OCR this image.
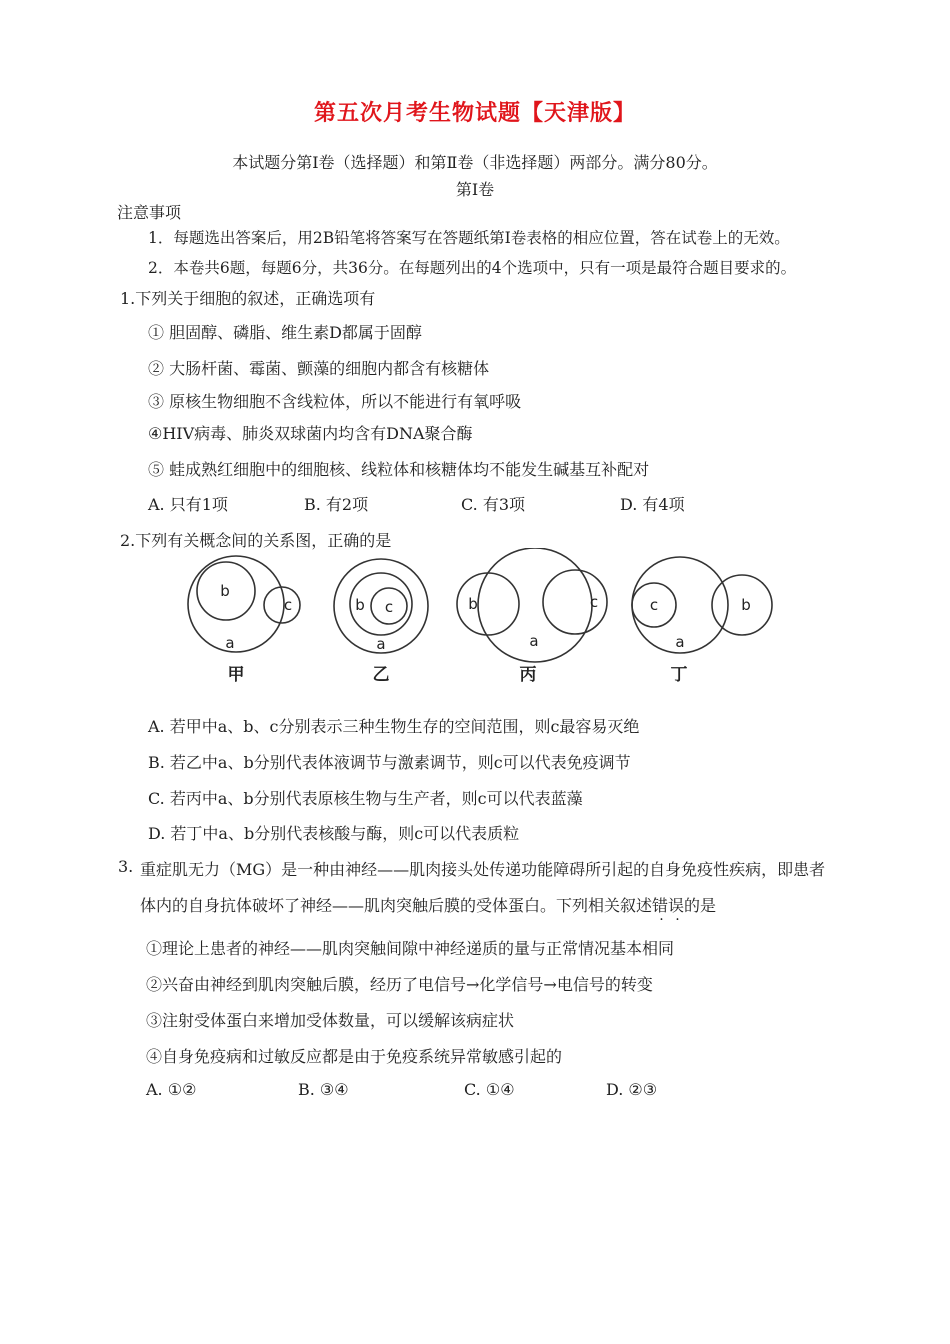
第五次月考生物试题【天津版】
本试题分第Ⅰ卷（选择题）和第Ⅱ卷（非选择题）两部分。满分80分。
第Ⅰ卷
注意事项
1．每题选出答案后，用2B铅笔将答案写在答题纸第Ⅰ卷表格的相应位置，答在试卷上的无效。
2．本卷共6题，每题6分，共36分。在每题列出的4个选项中，只有一项是最符合题目要求的。
1.下列关于细胞的叙述，正确选项有
① 胆固醇、磷脂、维生素D都属于固醇
② 大肠杆菌、霉菌、颤藻的细胞内都含有核糖体
③ 原核生物细胞不含线粒体，所以不能进行有氧呼吸
④HIV病毒、肺炎双球菌内均含有DNA聚合酶
⑤ 蛙成熟红细胞中的细胞核、线粒体和核糖体均不能发生碱基互补配对
A. 只有1项	B. 有2项	C. 有3项	D. 有4项
2.下列有关概念间的关系图，正确的是
b
c
a
b c
a
b	c
a
c	b
a
甲	乙	丙	丁
A. 若甲中a、b、c分别表示三种生物生存的空间范围，则c最容易灭绝
B. 若乙中a、b分别代表体液调节与激素调节，则c可以代表免疫调节
C. 若丙中a、b分别代表原核生物与生产者，则c可以代表蓝藻
D. 若丁中a、b分别代表核酸与酶，则c可以代表质粒
3. 重症肌无力（MG）是一种由神经——肌肉接头处传递功能障碍所引起的自身免疫性疾病，即患者
体内的自身抗体破坏了神经——肌肉突触后膜的受体蛋白。下列相关叙述错误的是
①理论上患者的神经——肌肉突触间隙中神经递质的量与正常情况基本相同
②兴奋由神经到肌肉突触后膜，经历了电信号→化学信号→电信号的转变
③注射受体蛋白来增加受体数量，可以缓解该病症状
④自身免疫病和过敏反应都是由于免疫系统异常敏感引起的
A. ①②	B. ③④	C. ①④	D. ②③
